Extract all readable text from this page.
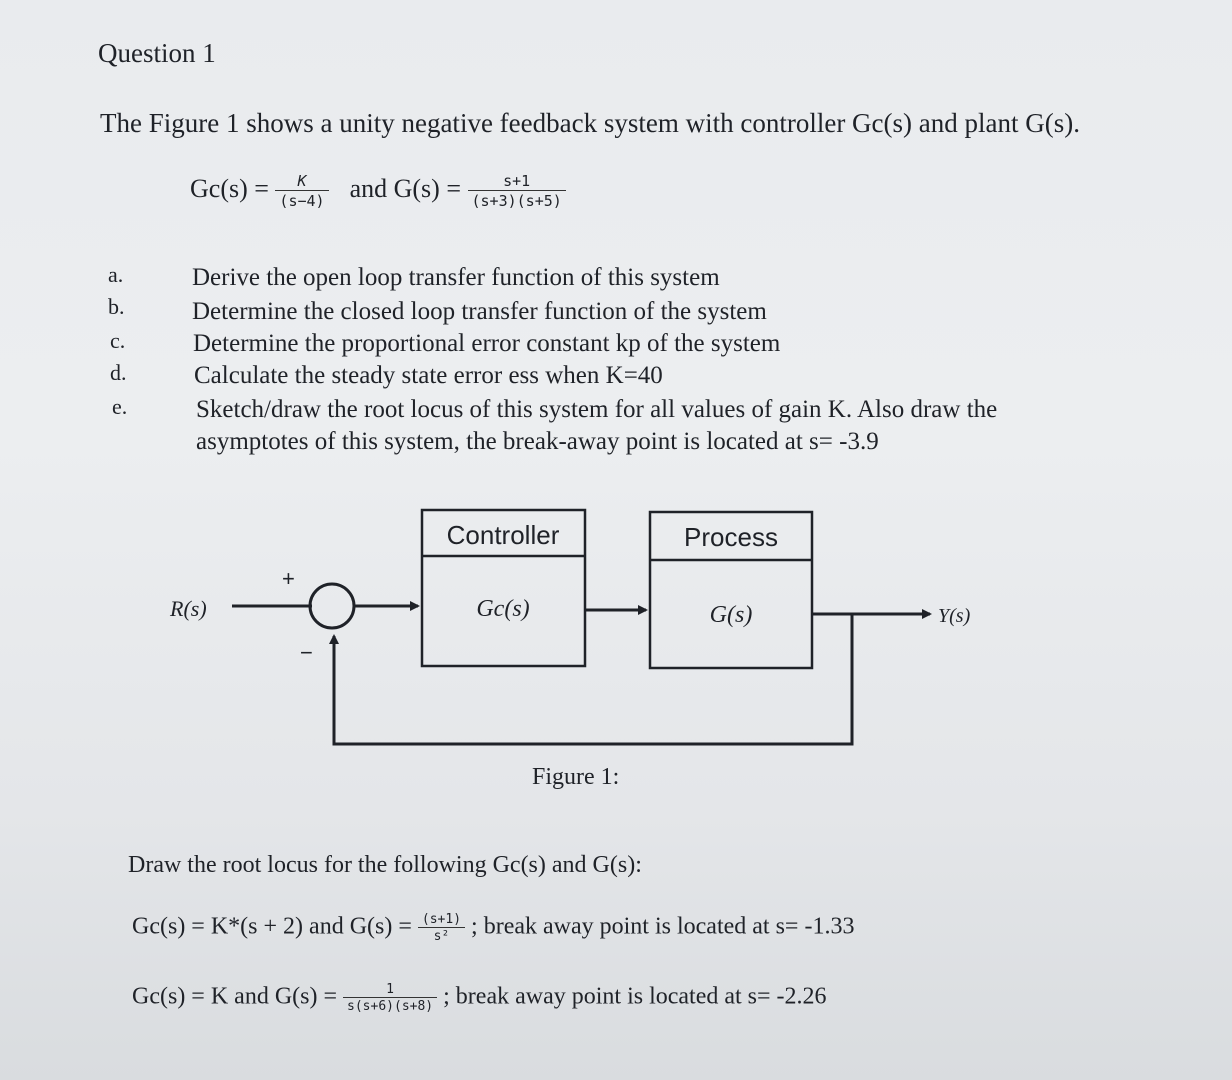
Question 1
The Figure 1 shows a unity negative feedback system with controller Gc(s) and plant G(s).
$Gc(s) = \frac{K}{(s-4)}$ and $G(s) = \frac{s+1}{(s+3)(s+5)}$
a.	Derive the open loop transfer function of this system
b.	Determine the closed loop transfer function of the system
c.	Determine the proportional error constant kp of the system
d.	Calculate the steady state error ess when K=40
e.	Sketch/draw the root locus of this system for all values of gain K. Also draw the
asymptotes of this system, the break-away point is located at s= -3.9
R(s)
+
−
Controller
Gc(s)
Process
G(s)	Y(s)
Figure 1:
Draw the root locus for the following Gc(s) and G(s):
Gc(s) = K*(s + 2) and $G(s) = \frac{(s+1)}{\text{s²}}$ ; break away point is located at s= -1.33
Gc(s) = K and $G(s) = \frac{1}{s(s+6)(s+8)}$ ; break away point is located at s= -2.26
